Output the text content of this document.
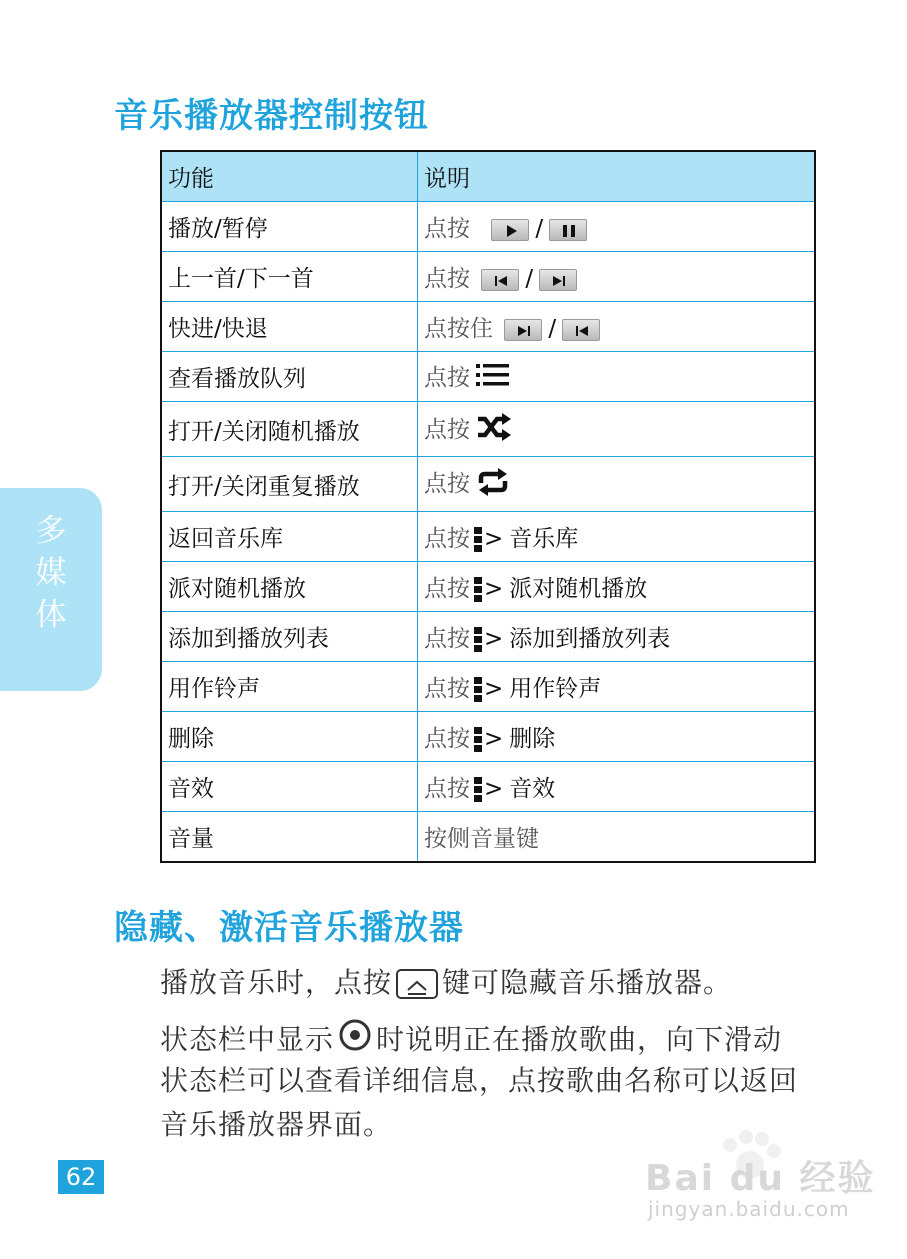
音乐播放器控制按钮
功能	说明
播放/暂停	点按 /

上一首/下一首	点按 /

快进/快退	点按住 /

查看播放队列	点按
打开/关闭随机播放	点按
打开/关闭重复播放	点按
返回音乐库	点按 > 音乐库
派对随机播放	点按 > 派对随机播放
添加到播放列表	点按 > 添加到播放列表
用作铃声	点按 > 用作铃声
删除	点按 > 删除
音效	点按 > 音效
音量	按侧音量键
多
媒
体
隐藏、激活音乐播放器

播放音乐时，点按 键可隐藏音乐播放器。

状态栏中显示 时说明正在播放歌曲，向下滑动

状态栏可以查看详细信息，点按歌曲名称可以返回

音乐播放器界面。

62	Bai du 经验
jingyan.baidu.com
